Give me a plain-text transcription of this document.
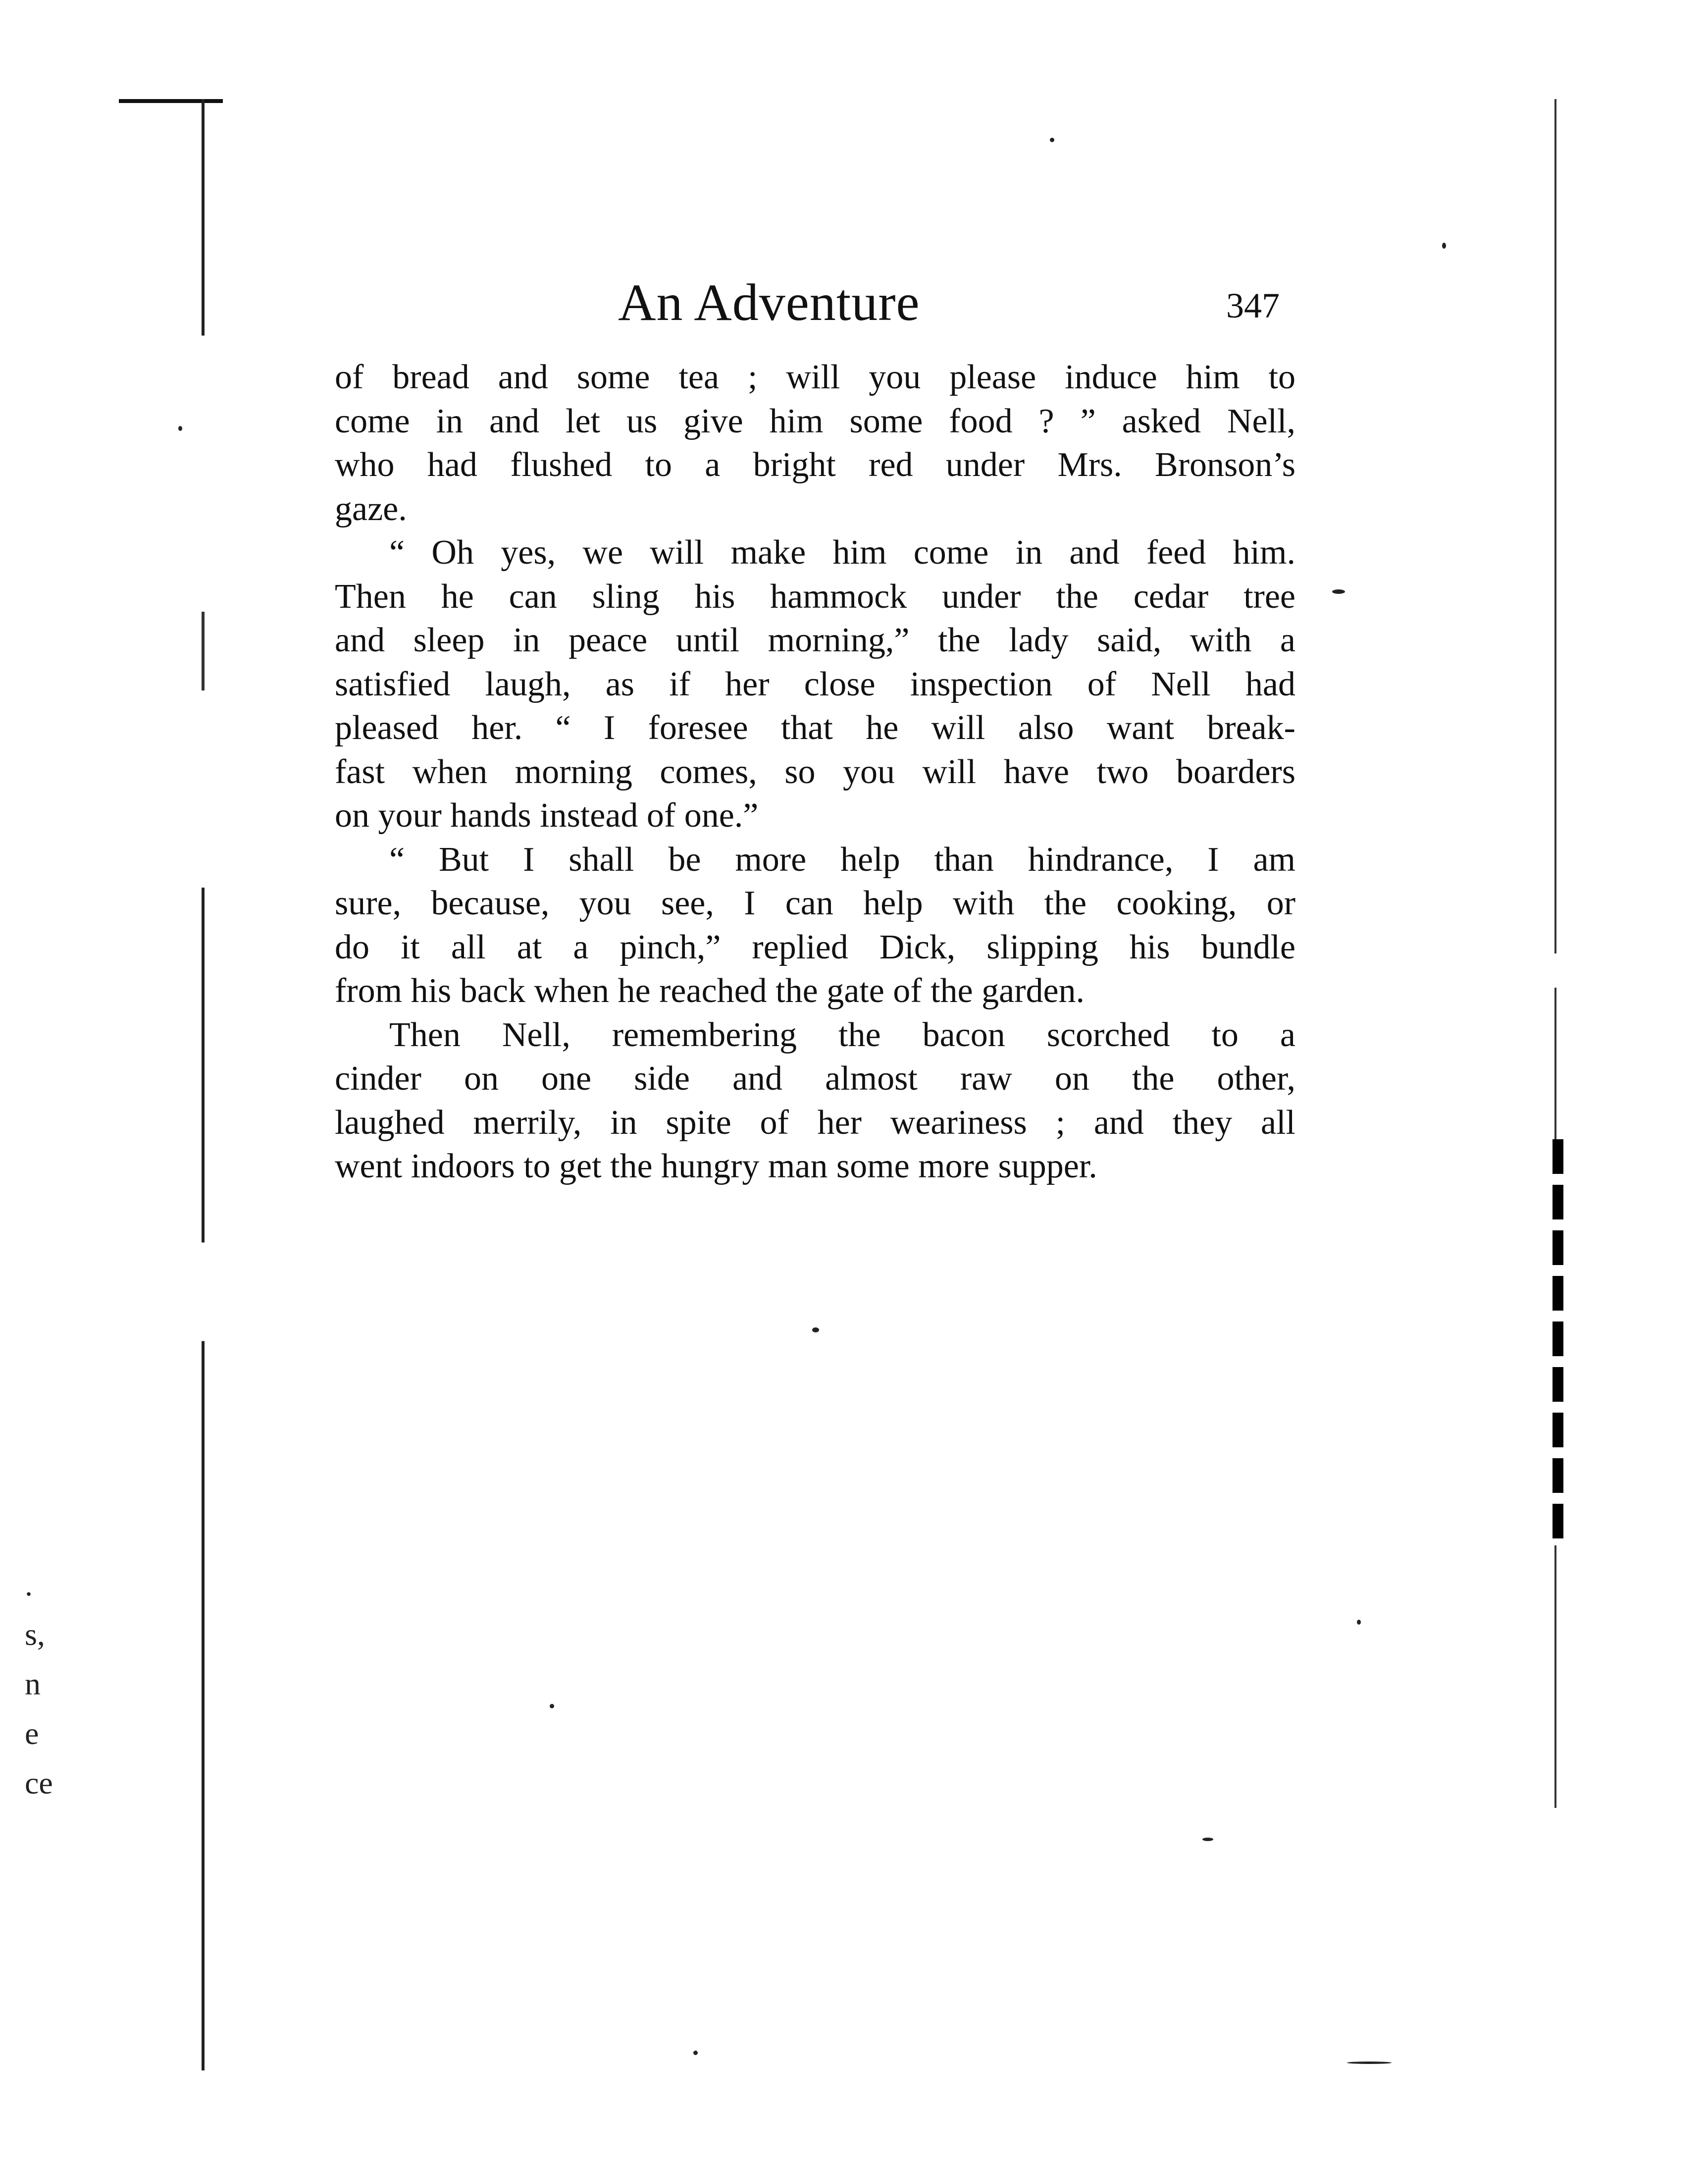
.
s,
n
e
ce
An Adventure	347

of bread and some tea ; will you please induce him to
come in and let us give him some food ? ” asked Nell,
who had flushed to a bright red under Mrs. Bronson’s
gaze.

“ Oh yes, we will make him come in and feed him.
Then he can sling his hammock under the cedar tree
and sleep in peace until morning,” the lady said, with a
satisfied laugh, as if her close inspection of Nell had
pleased her. “ I foresee that he will also want break-
fast when morning comes, so you will have two boarders
on your hands instead of one.”

“ But I shall be more help than hindrance, I am
sure, because, you see, I can help with the cooking, or
do it all at a pinch,” replied Dick, slipping his bundle
from his back when he reached the gate of the garden.

Then Nell, remembering the bacon scorched to a
cinder on one side and almost raw on the other,
laughed merrily, in spite of her weariness ; and they all
went indoors to get the hungry man some more supper.
